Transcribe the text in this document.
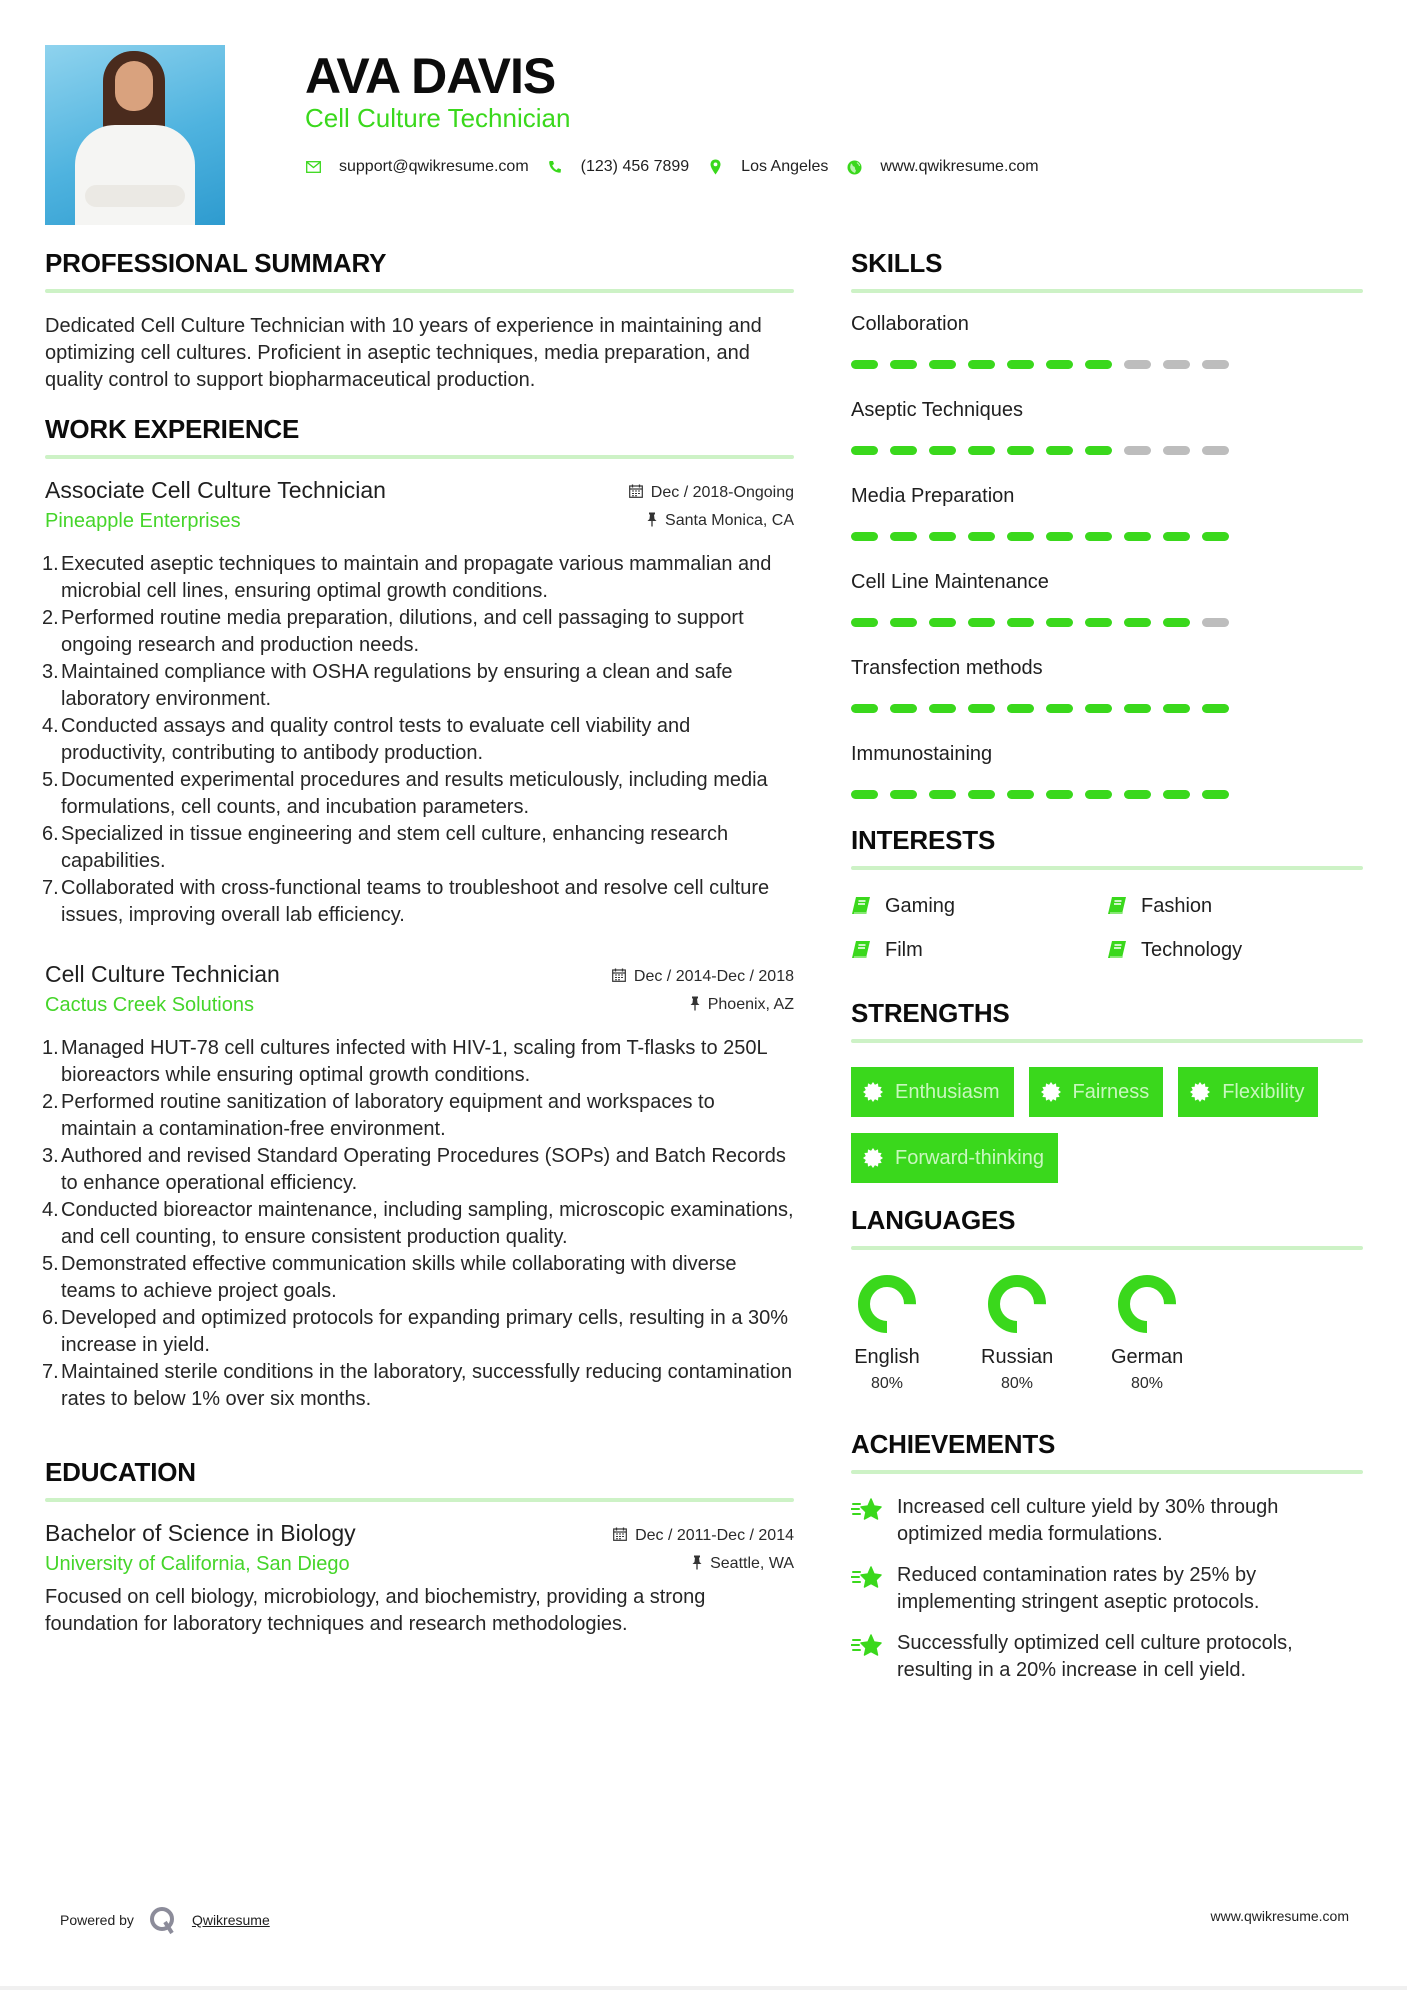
AVA DAVIS
Cell Culture Technician
support@qwikresume.com	(123) 456 7899	Los Angeles	www.qwikresume.com
PROFESSIONAL SUMMARY

Dedicated Cell Culture Technician with 10 years of experience in maintaining and optimizing cell cultures. Proficient in aseptic techniques, media preparation, and quality control to support biopharmaceutical production.

WORK EXPERIENCE
Associate Cell Culture Technician	Dec / 2018-Ongoing
Pineapple Enterprises	Santa Monica, CA
1. Executed aseptic techniques to maintain and propagate various mammalian and microbial cell lines, ensuring optimal growth conditions.
2. Performed routine media preparation, dilutions, and cell passaging to support ongoing research and production needs.
3. Maintained compliance with OSHA regulations by ensuring a clean and safe laboratory environment.
4. Conducted assays and quality control tests to evaluate cell viability and productivity, contributing to antibody production.
5. Documented experimental procedures and results meticulously, including media formulations, cell counts, and incubation parameters.
6. Specialized in tissue engineering and stem cell culture, enhancing research capabilities.
7. Collaborated with cross-functional teams to troubleshoot and resolve cell culture issues, improving overall lab efficiency.
Cell Culture Technician	Dec / 2014-Dec / 2018
Cactus Creek Solutions	Phoenix, AZ
1. Managed HUT-78 cell cultures infected with HIV-1, scaling from T-flasks to 250L bioreactors while ensuring optimal growth conditions.
2. Performed routine sanitization of laboratory equipment and workspaces to maintain a contamination-free environment.
3. Authored and revised Standard Operating Procedures (SOPs) and Batch Records to enhance operational efficiency.
4. Conducted bioreactor maintenance, including sampling, microscopic examinations, and cell counting, to ensure consistent production quality.
5. Demonstrated effective communication skills while collaborating with diverse teams to achieve project goals.
6. Developed and optimized protocols for expanding primary cells, resulting in a 30% increase in yield.
7. Maintained sterile conditions in the laboratory, successfully reducing contamination rates to below 1% over six months.
EDUCATION
Bachelor of Science in Biology	Dec / 2011-Dec / 2014
University of California, San Diego	Seattle, WA

Focused on cell biology, microbiology, and biochemistry, providing a strong foundation for laboratory techniques and research methodologies.

SKILLS
Collaboration
Aseptic Techniques
Media Preparation
Cell Line Maintenance
Transfection methods
Immunostaining
INTERESTS
Gaming	Fashion
Film	Technology
STRENGTHS
Enthusiasm	Fairness	Flexibility
Forward-thinking
LANGUAGES
English
80%
Russian
80%
German
80%
ACHIEVEMENTS
Increased cell culture yield by 30% through optimized media formulations.
Reduced contamination rates by 25% by implementing stringent aseptic protocols.
Successfully optimized cell culture protocols, resulting in a 20% increase in cell yield.
Powered by	Qwikresume	www.qwikresume.com
